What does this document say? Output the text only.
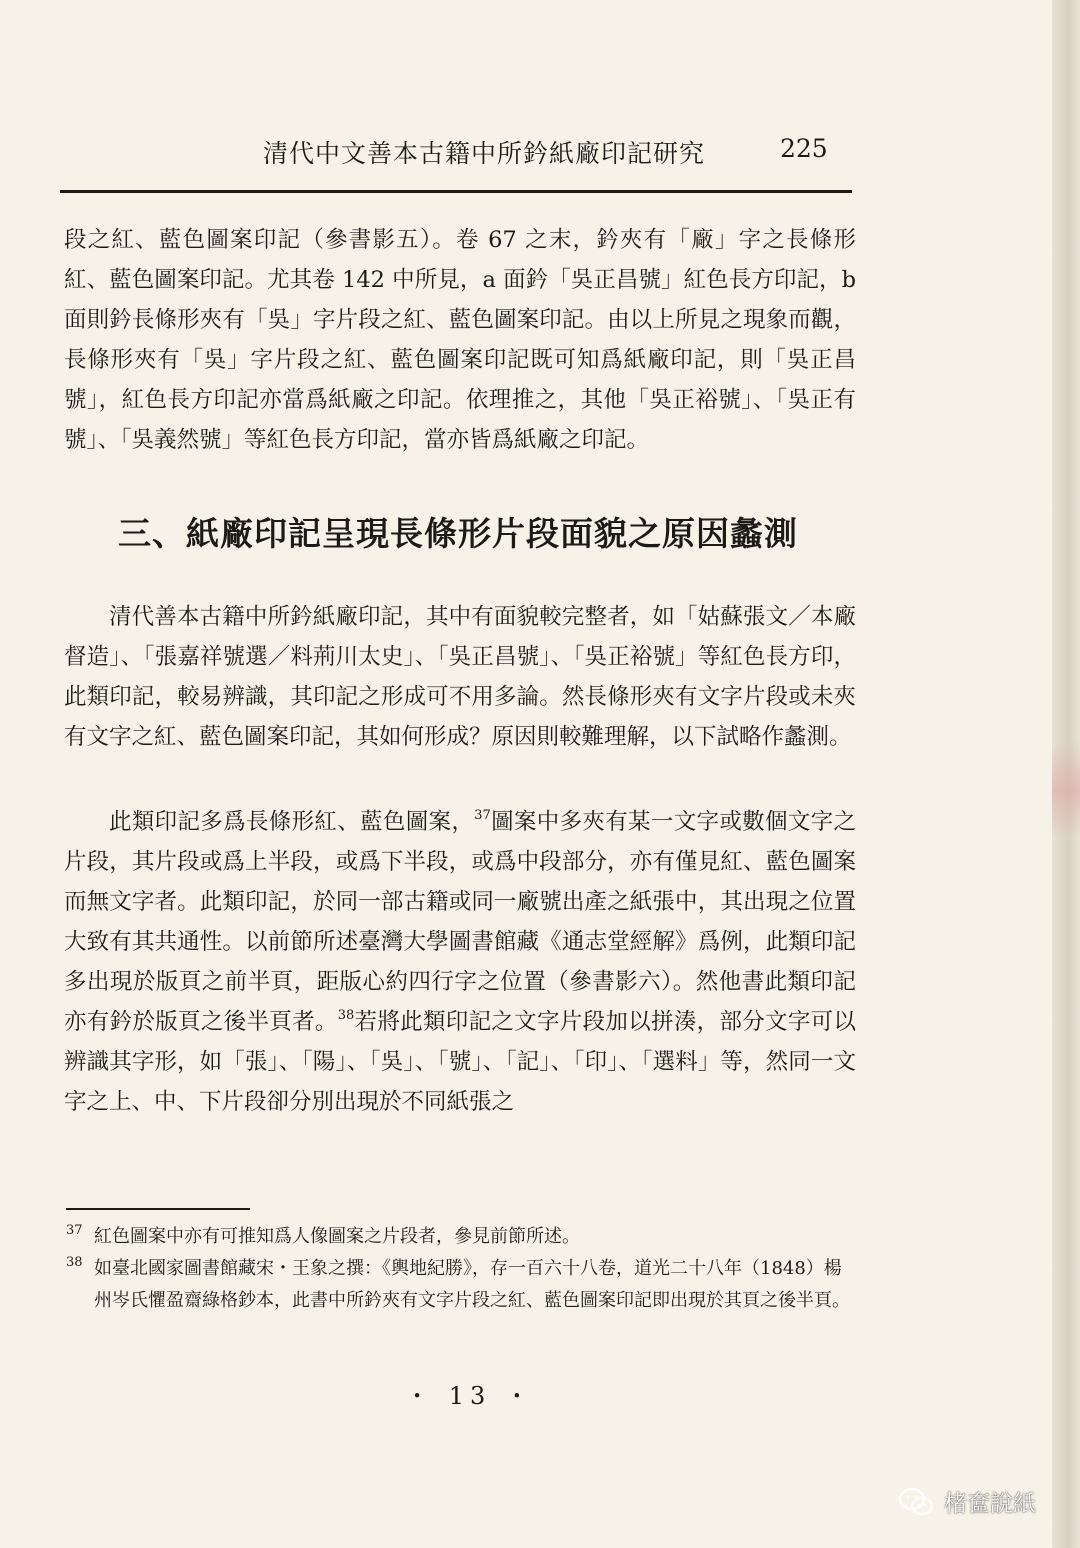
清代中文善本古籍中所鈐紙廠印記研究	225

段之紅、藍色圖案印記（參書影五）。卷 67 之末，鈐夾有「廠」字之長條形紅、藍色圖案印記。尤其卷 142 中所見，a 面鈐「吳正昌號」紅色長方印記，b 面則鈐長條形夾有「吳」字片段之紅、藍色圖案印記。由以上所見之現象而觀，長條形夾有「吳」字片段之紅、藍色圖案印記既可知爲紙廠印記，則「吳正昌號」，紅色長方印記亦當爲紙廠之印記。依理推之，其他「吳正裕號」、「吳正有號」、「吳義然號」等紅色長方印記，當亦皆爲紙廠之印記。

三、紙廠印記呈現長條形片段面貌之原因蠡測

清代善本古籍中所鈐紙廠印記，其中有面貌較完整者，如「姑蘇張文／本廠督造」、「張嘉祥號選／料荊川太史」、「吳正昌號」、「吳正裕號」等紅色長方印，此類印記，較易辨識，其印記之形成可不用多論。然長條形夾有文字片段或未夾有文字之紅、藍色圖案印記，其如何形成？原因則較難理解，以下試略作蠡測。

此類印記多爲長條形紅、藍色圖案，$^{37}$圖案中多夾有某一文字或數個文字之片段，其片段或爲上半段，或爲下半段，或爲中段部分，亦有僅見紅、藍色圖案而無文字者。此類印記，於同一部古籍或同一廠號出產之紙張中，其出現之位置大致有其共通性。以前節所述臺灣大學圖書館藏《通志堂經解》爲例，此類印記多出現於版頁之前半頁，距版心約四行字之位置（參書影六）。然他書此類印記亦有鈐於版頁之後半頁者。$^{38}$若將此類印記之文字片段加以拼湊，部分文字可以辨識其字形，如「張」、「陽」、「吳」、「號」、「記」、「印」、「選料」等，然同一文字之上、中、下片段卻分別出現於不同紙張之

37 紅色圖案中亦有可推知爲人像圖案之片段者，參見前節所述。
38 如臺北國家圖書館藏宋・王象之撰：《輿地紀勝》，存一百六十八卷，道光二十八年（1848）楊州岑氏懼盈齋綠格鈔本，此書中所鈐夾有文字片段之紅、藍色圖案印記即出現於其頁之後半頁。
・ 13 ・
楮奩說紙
